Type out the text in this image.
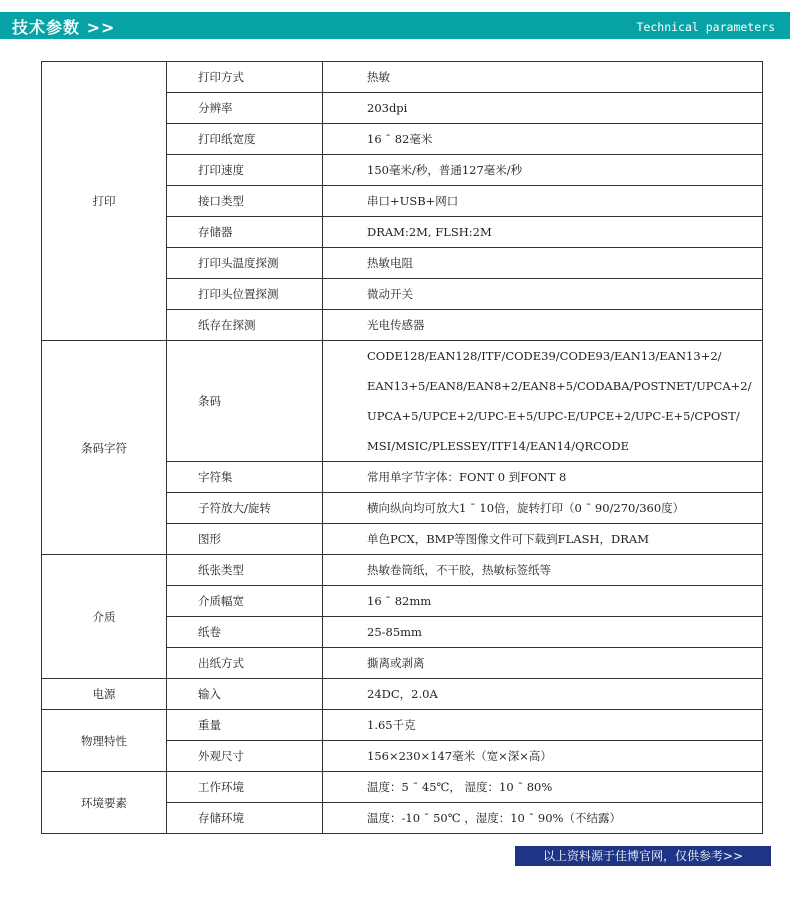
技术参数 >>	Technical parameters
打印	打印方式	热敏

	分辨率	203dpi

	打印纸宽度	16 ¯ 82毫米

	打印速度	150毫米/秒，普通127毫米/秒

	接口类型	串口+USB+网口

	存储器	DRAM:2M, FLSH:2M

	打印头温度探测	热敏电阻

	打印头位置探测	微动开关

	纸存在探测	光电传感器

条码字符	条码	CODE128/EAN128/ITF/CODE39/CODE93/EAN13/EAN13+2/
EAN13+5/EAN8/EAN8+2/EAN8+5/CODABA/POSTNET/UPCA+2/
UPCA+5/UPCE+2/UPC-E+5/UPC-E/UPCE+2/UPC-E+5/CPOST/
MSI/MSIC/PLESSEY/ITF14/EAN14/QRCODE

	字符集	常用单字节字体：FONT 0 到FONT 8

	子符放大/旋转	横向纵向均可放大1 ¯ 10倍，旋转打印（0 ¯ 90/270/360度）

	图形	单色PCX，BMP等图像文件可下载到FLASH，DRAM

介质	纸张类型	热敏卷筒纸，不干胶，热敏标签纸等

	介质幅宽	16 ¯ 82mm

	纸卷	25-85mm

	出纸方式	撕离或剥离

电源	输入	24DC，2.0A

物理特性	重量	1.65千克

	外观尺寸	156×230×147毫米（宽×深×高）

环境要素	工作环境	温度：5 ¯ 45℃， 湿度：10 ¯ 80%

	存储环境	温度：-10 ¯ 50℃ ，湿度：10 ¯ 90%（不结露）
以上资料源于佳博官网，仅供参考>>
